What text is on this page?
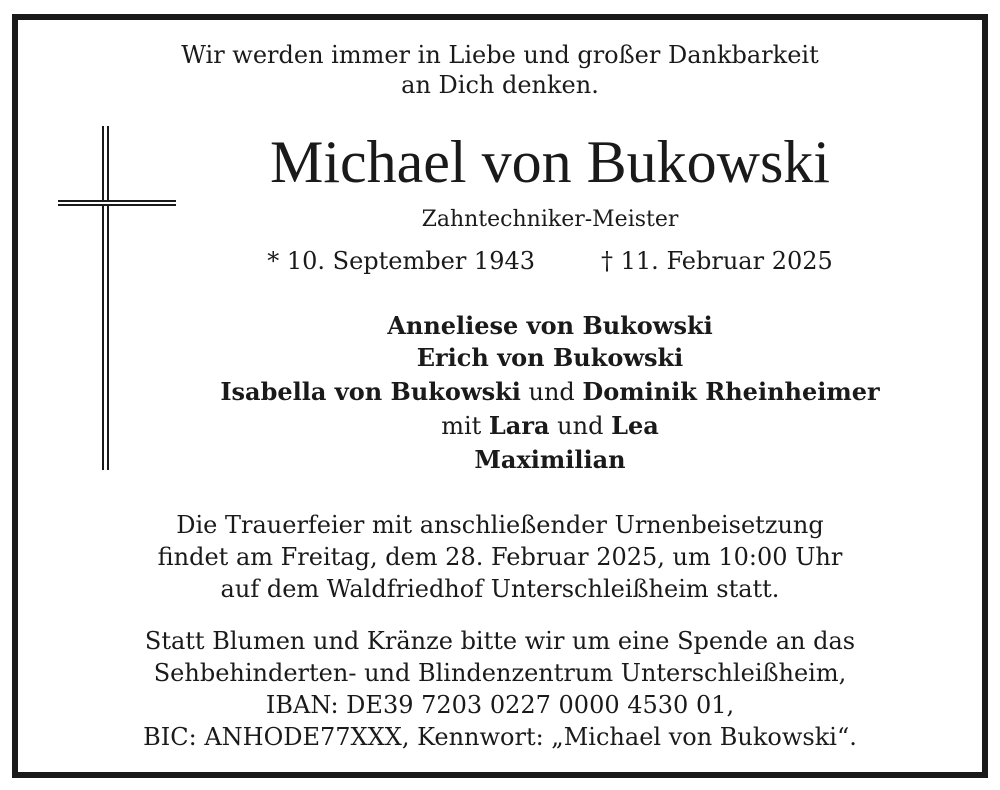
Wir werden immer in Liebe und großer Dankbarkeit
an Dich denken.
Michael von Bukowski
Zahntechniker-Meister
* 10. September 1943	† 11. Februar 2025
Anneliese von Bukowski
Erich von Bukowski
Isabella von Bukowski und Dominik Rheinheimer
mit Lara und Lea
Maximilian
Die Trauerfeier mit anschließender Urnenbeisetzung
findet am Freitag, dem 28. Februar 2025, um 10:00 Uhr
auf dem Waldfriedhof Unterschleißheim statt.
Statt Blumen und Kränze bitte wir um eine Spende an das
Sehbehinderten- und Blindenzentrum Unterschleißheim,
IBAN: DE39 7203 0227 0000 4530 01,
BIC: ANHODE77XXX, Kennwort: „Michael von Bukowski“.
